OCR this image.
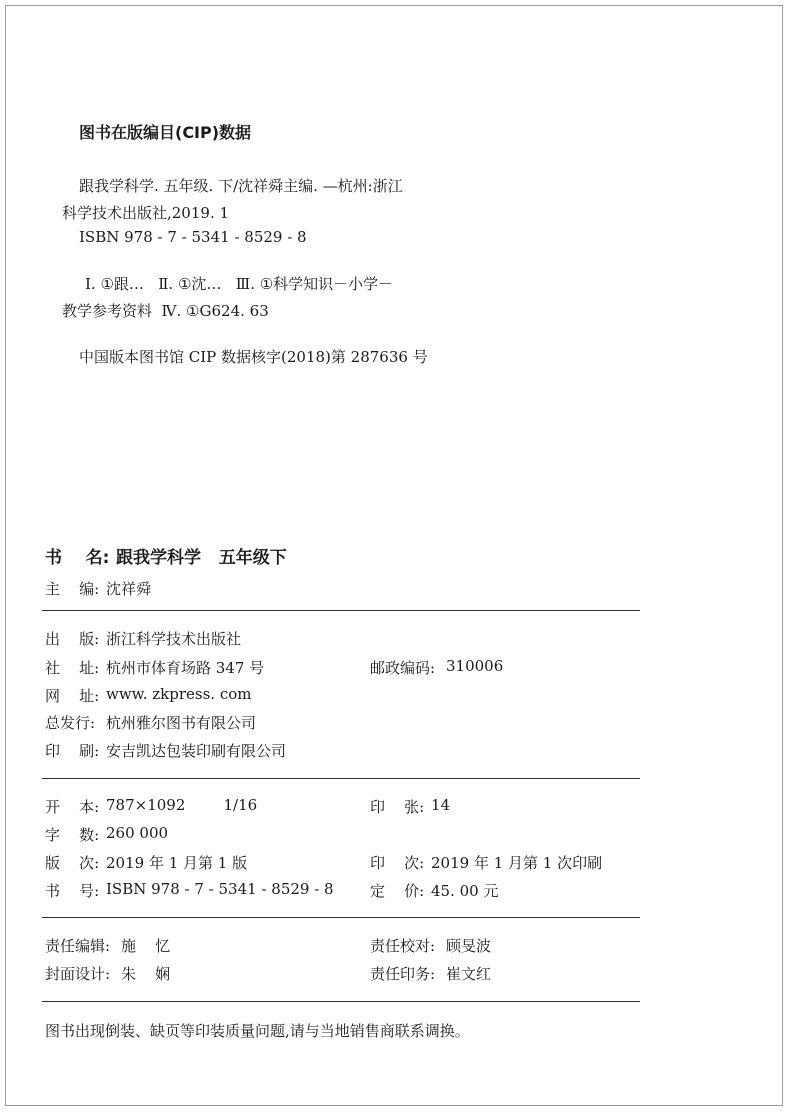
图书在版编目(CIP)数据
跟我学科学. 五年级. 下/沈祥舜主编. —杭州:浙江
科学技术出版社,2019. 1
ISBN 978 - 7 - 5341 - 8529 - 8
Ⅰ. ①跟…   Ⅱ. ①沈…   Ⅲ. ①科学知识－小学－
教学参考资料  Ⅳ. ①G624. 63
中国版本图书馆 CIP 数据核字(2018)第 287636 号
书    名: 跟我学科学   五年级下
主    编: 沈祥舜
出    版: 浙江科学技术出版社
社    址: 杭州市体育场路 347 号	邮政编码: 310006
网    址: www. zkpress. com
总发行: 杭州雅尔图书有限公司
印    刷: 安吉凯达包装印刷有限公司
开    本: 787×1092        1/16	印    张: 14
字    数: 260 000
版    次: 2019 年 1 月第 1 版	印    次: 2019 年 1 月第 1 次印刷
书    号: ISBN 978 - 7 - 5341 - 8529 - 8 定    价: 45. 00 元
责任编辑: 施    忆	责任校对: 顾旻波
封面设计: 朱    娴	责任印务: 崔文红
图书出现倒装、缺页等印装质量问题,请与当地销售商联系调换。
